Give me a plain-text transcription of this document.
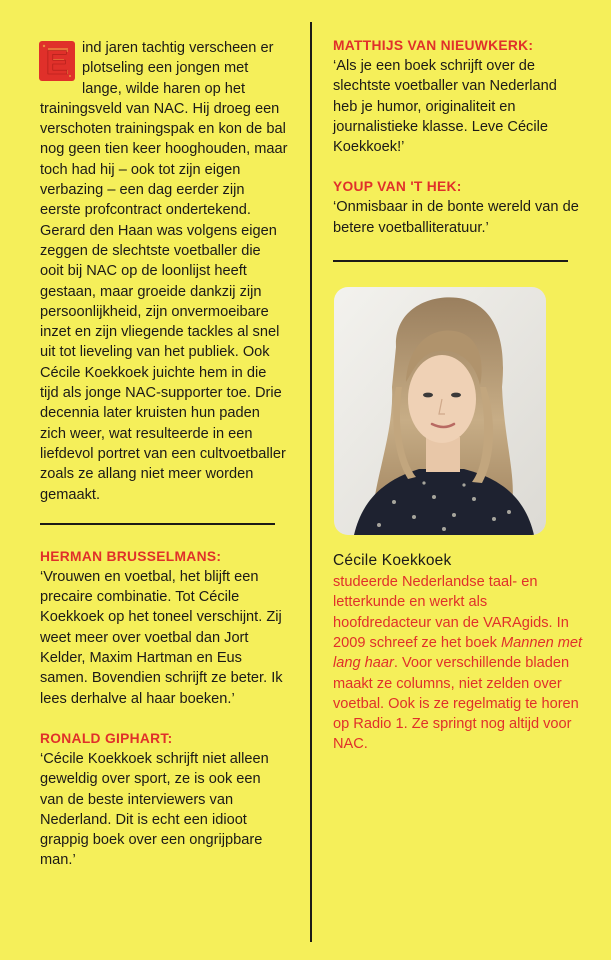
E ind jaren tachtig verscheen er plotseling een jongen met lange, wilde haren op het trainingsveld van NAC. Hij droeg een verschoten trainingspak en kon de bal nog geen tien keer hooghouden, maar toch had hij – ook tot zijn eigen verbazing – een dag eerder zijn eerste profcontract ondertekend.

Gerard den Haan was volgens eigen zeggen de slechtste voetballer die ooit bij NAC op de loonlijst heeft gestaan, maar groeide dankzij zijn persoonlijkheid, zijn onvermoeibare inzet en zijn vliegende tackles al snel uit tot lieveling van het publiek. Ook Cécile Koekkoek juichte hem in die tijd als jonge NAC-supporter toe. Drie decennia later kruisten hun paden zich weer, wat resulteerde in een liefdevol portret van een cultvoetballer zoals ze allang niet meer worden gemaakt.

HERMAN BRUSSELMANS:

‘Vrouwen en voetbal, het blijft een precaire combinatie. Tot Cécile Koekkoek op het toneel verschijnt. Zij weet meer over voetbal dan Jort Kelder, Maxim Hartman en Eus samen. Bovendien schrijft ze beter. Ik lees derhalve al haar boeken.’

RONALD GIPHART:

‘Cécile Koekkoek schrijft niet alleen geweldig over sport, ze is ook een van de beste interviewers van Nederland. Dit is echt een idioot grappig boek over een ongrijpbare man.’

MATTHIJS VAN NIEUWKERK:

‘Als je een boek schrijft over de slechtste voetballer van Nederland heb je humor, originaliteit en journalistieke klasse. Leve Cécile Koekkoek!’

YOUP VAN 'T HEK:

‘Onmisbaar in de bonte wereld van de betere voetballiteratuur.’

Cécile Koekkoek

studeerde Nederlandse taal- en letterkunde en werkt als hoofdredacteur van de VARAgids. In 2009 schreef ze het boek Mannen met lang haar. Voor verschillende bladen maakt ze columns, niet zelden over voetbal. Ook is ze regelmatig te horen op Radio 1. Ze springt nog altijd voor NAC.
